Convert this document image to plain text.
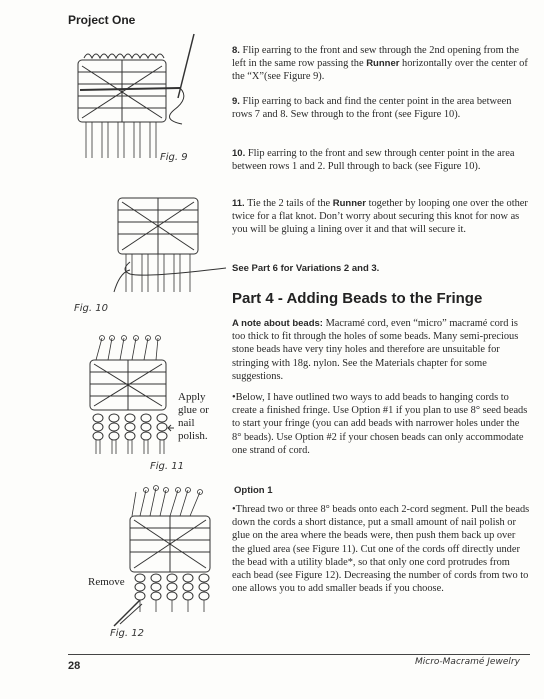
Project One
Fig. 9
Fig. 10
Apply
glue or
nail
polish.
Fig. 11
Remove
Fig. 12
8. Flip earring to the front and sew through the 2nd opening from the left in the same row passing the Runner horizontally over the center of the “X”(see Figure 9).
9. Flip earring to back and find the center point in the area between rows 7 and 8. Sew through to the front (see Figure 10).
10. Flip earring to the front and sew through center point in the area between rows 1 and 2. Pull through to back (see Figure 10).
11. Tie the 2 tails of the Runner together by looping one over the other twice for a flat knot. Don’t worry about securing this knot for now as you will be gluing a lining over it and that will secure it.
See Part 6 for Variations 2 and 3.
Part 4 - Adding Beads to the Fringe
A note about beads: Macramé cord, even “micro” macramé cord is too thick to fit through the holes of some beads. Many semi-precious stone beads have very tiny holes and therefore are unsuitable for stringing with 18g. nylon. See the Materials chapter for some suggestions.
•Below, I have outlined two ways to add beads to hanging cords to create a finished fringe. Use Option #1 if you plan to use 8° seed beads to start your fringe (you can add beads with narrower holes under the 8° beads). Use Option #2 if your chosen beads can only accommodate one strand of cord.
Option 1
•Thread two or three 8° beads onto each 2-cord segment. Pull the beads down the cords a short distance, put a small amount of nail polish or glue on the area where the beads were, then push them back up over the glued area (see Figure 11). Cut one of the cords off directly under the bead with a utility blade*, so that only one cord protrudes from each bead (see Figure 12). Decreasing the number of cords from two to one allows you to add smaller beads if you choose.
28	Micro-Macramé Jewelry
